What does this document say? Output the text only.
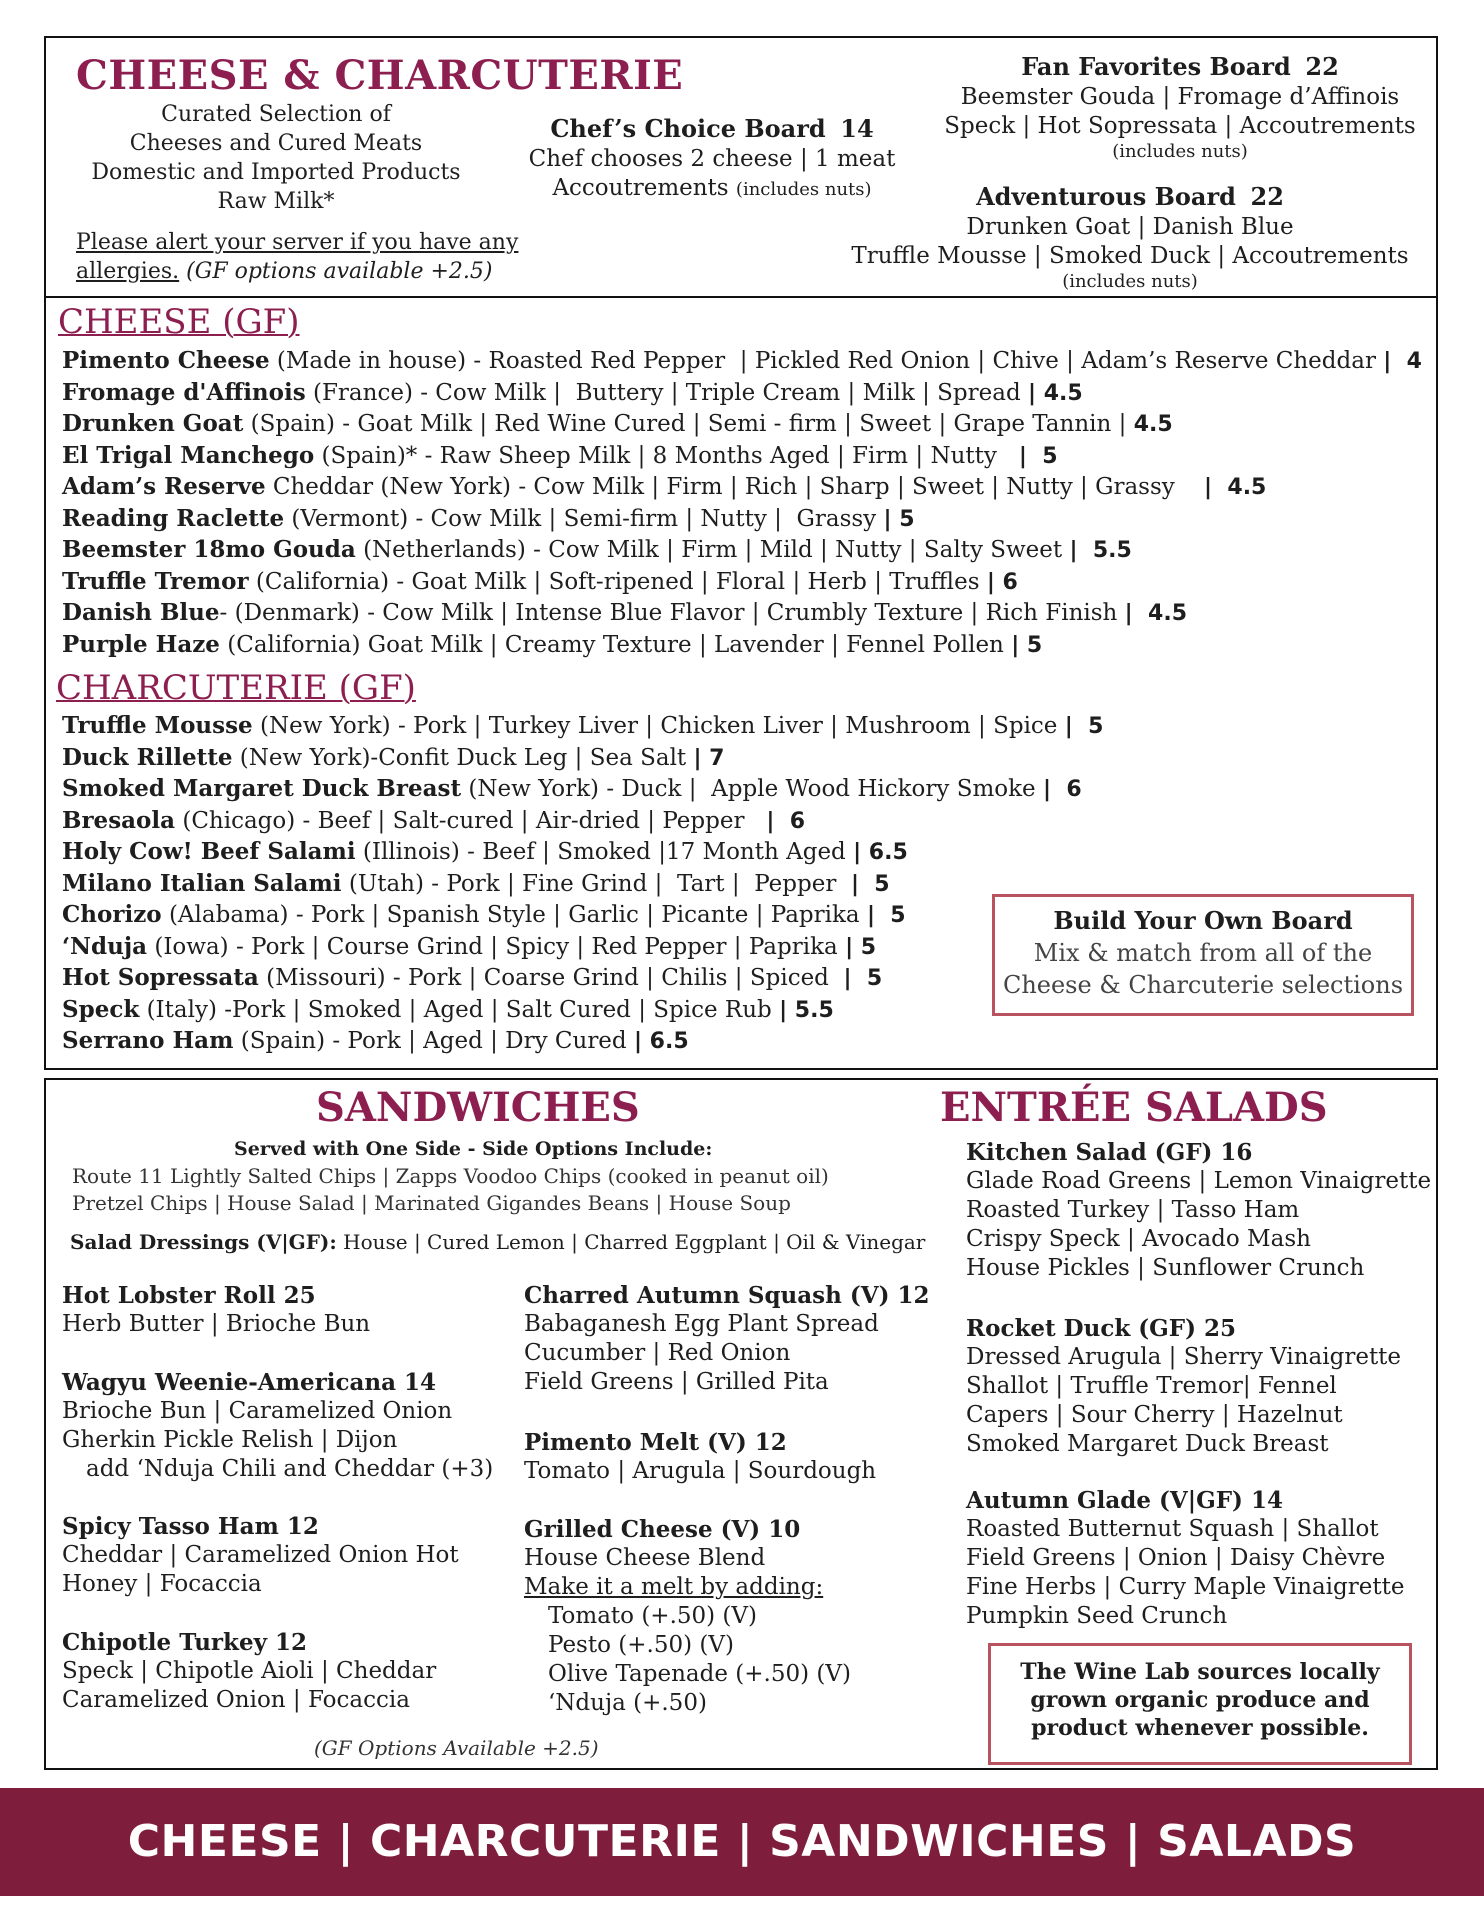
CHEESE & CHARCUTERIE
Curated Selection of
Cheeses and Cured Meats
Domestic and Imported Products
Raw Milk*
Please alert your server if you have any allergies. (GF options available +2.5)
Chef’s Choice Board 14
Chef chooses 2 cheese | 1 meat
Accoutrements (includes nuts)
Fan Favorites Board 22
Beemster Gouda | Fromage d’Affinois
Speck | Hot Sopressata | Accoutrements
(includes nuts)
Adventurous Board 22
Drunken Goat | Danish Blue
Truffle Mousse | Smoked Duck | Accoutrements
(includes nuts)
CHEESE (GF)
Pimento Cheese (Made in house) - Roasted Red Pepper  | Pickled Red Onion | Chive | Adam’s Reserve Cheddar |  4
Fromage d'Affinois (France) - Cow Milk |  Buttery | Triple Cream | Milk | Spread | 4.5
Drunken Goat (Spain) - Goat Milk | Red Wine Cured | Semi - firm | Sweet | Grape Tannin | 4.5
El Trigal Manchego (Spain)* - Raw Sheep Milk | 8 Months Aged | Firm | Nutty   |  5
Adam’s Reserve Cheddar (New York) - Cow Milk | Firm | Rich | Sharp | Sweet | Nutty | Grassy    |  4.5
Reading Raclette (Vermont) - Cow Milk | Semi-firm | Nutty |  Grassy | 5
Beemster 18mo Gouda (Netherlands) - Cow Milk | Firm | Mild | Nutty | Salty Sweet |  5.5
Truffle Tremor (California) - Goat Milk | Soft-ripened | Floral | Herb | Truffles | 6
Danish Blue- (Denmark) - Cow Milk | Intense Blue Flavor | Crumbly Texture | Rich Finish |  4.5
Purple Haze (California) Goat Milk | Creamy Texture | Lavender | Fennel Pollen | 5
CHARCUTERIE (GF)
Truffle Mousse (New York) - Pork | Turkey Liver | Chicken Liver | Mushroom | Spice |  5
Duck Rillette (New York)-Confit Duck Leg | Sea Salt | 7
Smoked Margaret Duck Breast (New York) - Duck |  Apple Wood Hickory Smoke |  6
Bresaola (Chicago) - Beef | Salt-cured | Air-dried | Pepper   |  6
Holy Cow! Beef Salami (Illinois) - Beef | Smoked |17 Month Aged | 6.5
Milano Italian Salami (Utah) - Pork | Fine Grind |  Tart |  Pepper  |  5
Chorizo (Alabama) - Pork | Spanish Style | Garlic | Picante | Paprika |  5
‘Nduja (Iowa) - Pork | Course Grind | Spicy | Red Pepper | Paprika | 5
Hot Sopressata (Missouri) - Pork | Coarse Grind | Chilis | Spiced  |  5
Speck (Italy) -Pork | Smoked | Aged | Salt Cured | Spice Rub | 5.5
Serrano Ham (Spain) - Pork | Aged | Dry Cured | 6.5
Build Your Own Board
Mix & match from all of the
Cheese & Charcuterie selections
SANDWICHES	ENTRÉE SALADS
Served with One Side - Side Options Include:
Route 11 Lightly Salted Chips | Zapps Voodoo Chips (cooked in peanut oil)
Pretzel Chips | House Salad | Marinated Gigandes Beans | House Soup
Salad Dressings (V|GF): House | Cured Lemon | Charred Eggplant | Oil & Vinegar
Hot Lobster Roll 25
Herb Butter | Brioche Bun
Wagyu Weenie-Americana 14
Brioche Bun | Caramelized Onion
Gherkin Pickle Relish | Dijon
add ‘Nduja Chili and Cheddar (+3)
Spicy Tasso Ham 12
Cheddar | Caramelized Onion Hot
Honey | Focaccia
Chipotle Turkey 12
Speck | Chipotle Aioli | Cheddar
Caramelized Onion | Focaccia
Charred Autumn Squash (V) 12
Babaganesh Egg Plant Spread
Cucumber | Red Onion
Field Greens | Grilled Pita
Pimento Melt (V) 12
Tomato | Arugula | Sourdough
Grilled Cheese (V) 10
House Cheese Blend
Make it a melt by adding:
Tomato (+.50) (V)
Pesto (+.50) (V)
Olive Tapenade (+.50) (V)
‘Nduja (+.50)
(GF Options Available +2.5)
Kitchen Salad (GF) 16
Glade Road Greens | Lemon Vinaigrette
Roasted Turkey | Tasso Ham
Crispy Speck | Avocado Mash
House Pickles | Sunflower Crunch
Rocket Duck (GF) 25
Dressed Arugula | Sherry Vinaigrette
Shallot | Truffle Tremor| Fennel
Capers | Sour Cherry | Hazelnut
Smoked Margaret Duck Breast
Autumn Glade (V|GF) 14
Roasted Butternut Squash | Shallot
Field Greens | Onion | Daisy Chèvre
Fine Herbs | Curry Maple Vinaigrette
Pumpkin Seed Crunch
The Wine Lab sources locally
grown organic produce and
product whenever possible.
CHEESE | CHARCUTERIE | SANDWICHES | SALADS
